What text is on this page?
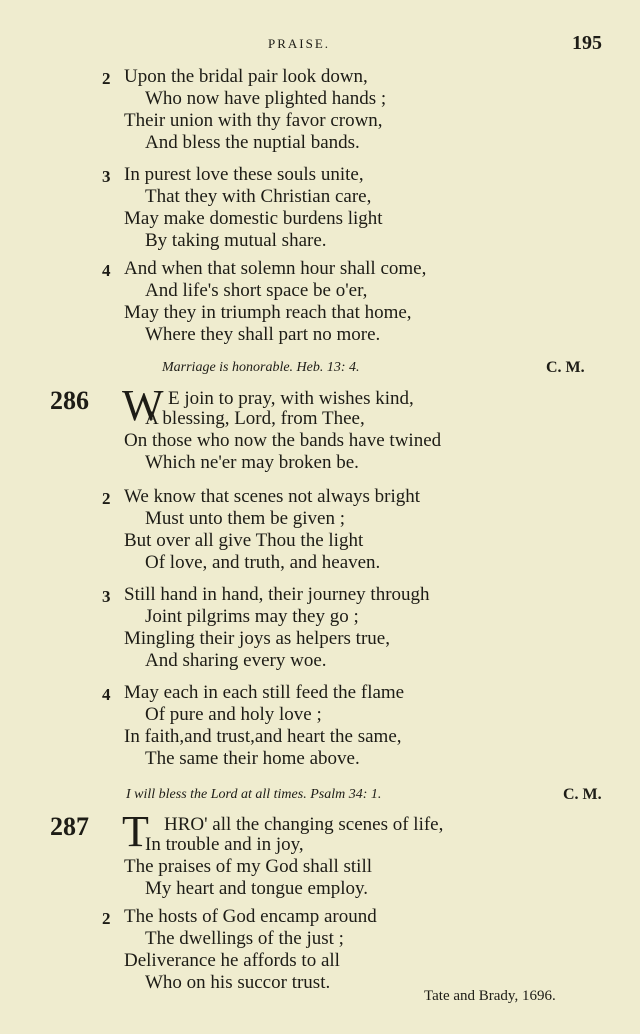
PRAISE.	195
2 Upon the bridal pair look down,
Who now have plighted hands ;
Their union with thy favor crown,
And bless the nuptial bands.
3 In purest love these souls unite,
That they with Christian care,
May make domestic burdens light
By taking mutual share.
4 And when that solemn hour shall come,
And life's short space be o'er,
May they in triumph reach that home,
Where they shall part no more.
Marriage is honorable. Heb. 13: 4.	C. M.
286 W E join to pray, with wishes kind,
A blessing, Lord, from Thee,
On those who now the bands have twined
Which ne'er may broken be.
2 We know that scenes not always bright
Must unto them be given ;
But over all give Thou the light
Of love, and truth, and heaven.
3 Still hand in hand, their journey through
Joint pilgrims may they go ;
Mingling their joys as helpers true,
And sharing every woe.
4 May each in each still feed the flame
Of pure and holy love ;
In faith,and trust,and heart the same,
The same their home above.
I will bless the Lord at all times. Psalm 34: 1.	C. M.
287 T HRO' all the changing scenes of life,
In trouble and in joy,
The praises of my God shall still
My heart and tongue employ.
2 The hosts of God encamp around
The dwellings of the just ;
Deliverance he affords to all
Who on his succor trust.
Tate and Brady, 1696.
